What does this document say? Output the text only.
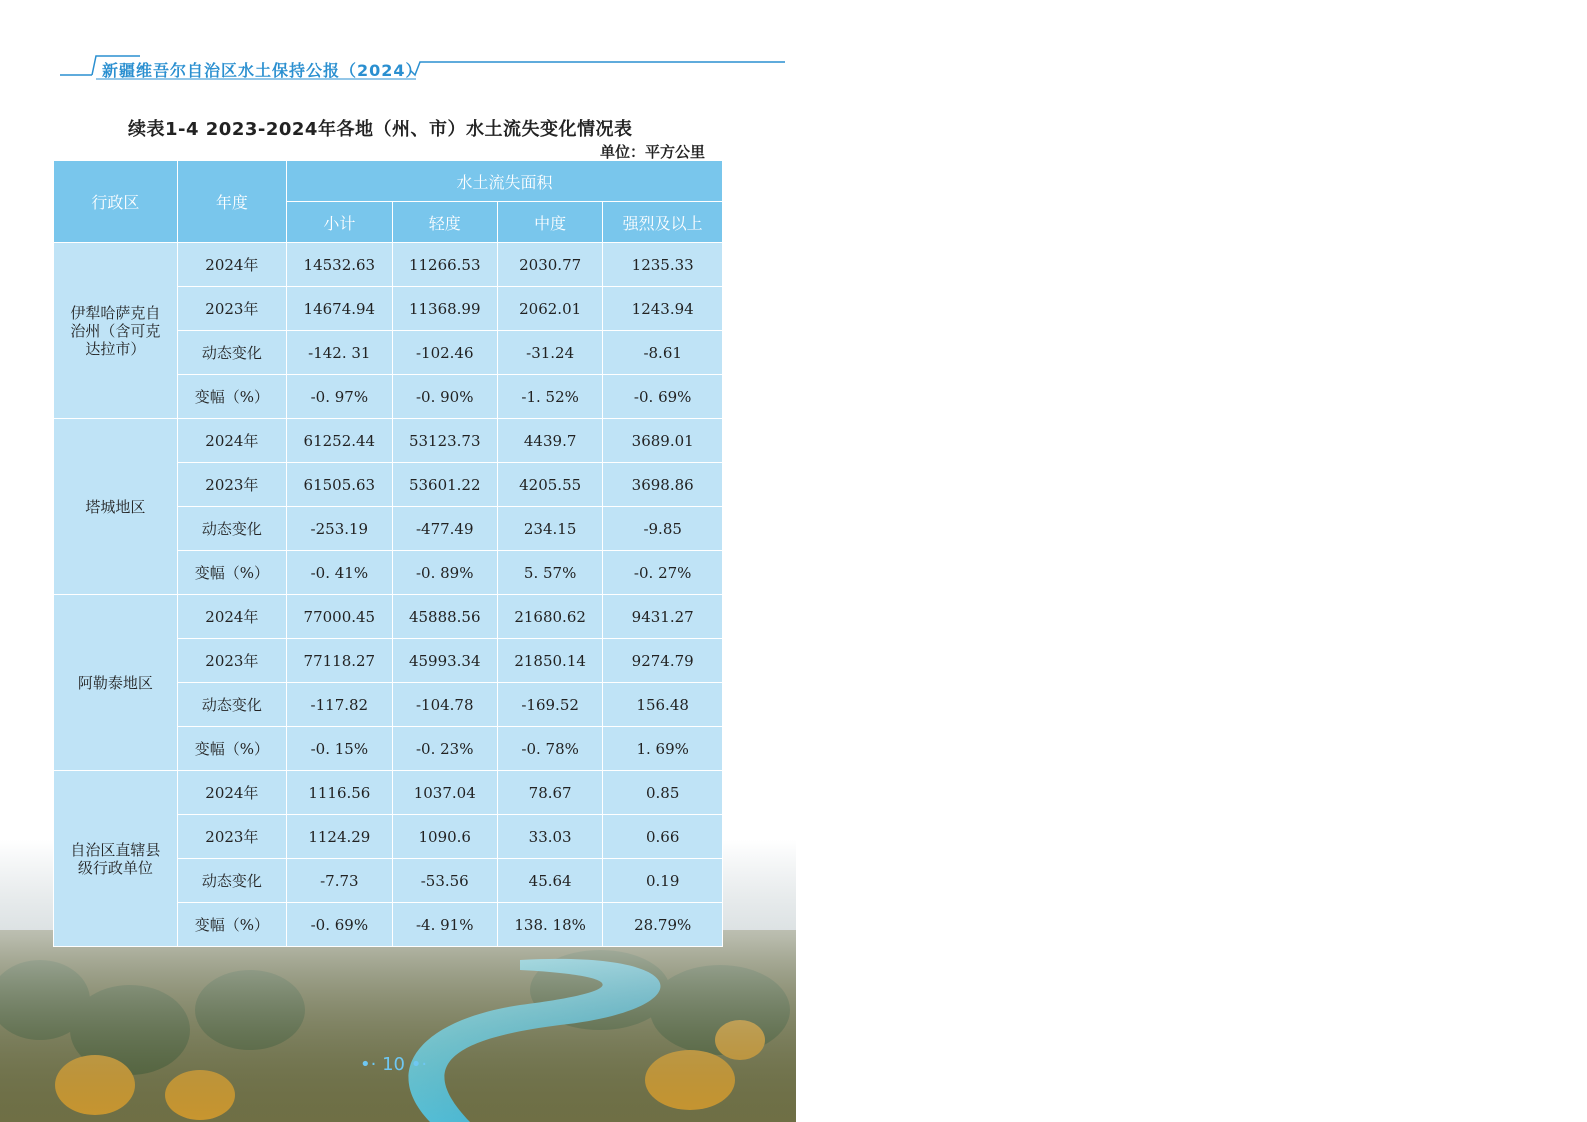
新疆维吾尔自治区水土保持公报（2024）
续表1-4 2023-2024年各地（州、市）水土流失变化情况表
单位：平方公里
行政区	年度	水土流失面积			
		小计	轻度	中度	强烈及以上
伊犁哈萨克自治州（含可克达拉市）	2024年	14532.63	11266.53	2030.77	1235.33
	2023年	14674.94	11368.99	2062.01	1243.94
	动态变化	-142. 31	-102.46	-31.24	-8.61
	变幅（%）	-0. 97%	-0. 90%	-1. 52%	-0. 69%
塔城地区	2024年	61252.44	53123.73	4439.7	3689.01
	2023年	61505.63	53601.22	4205.55	3698.86
	动态变化	-253.19	-477.49	234.15	-9.85
	变幅（%）	-0. 41%	-0. 89%	5. 57%	-0. 27%
阿勒泰地区	2024年	77000.45	45888.56	21680.62	9431.27
	2023年	77118.27	45993.34	21850.14	9274.79
	动态变化	-117.82	-104.78	-169.52	156.48
	变幅（%）	-0. 15%	-0. 23%	-0. 78%	1. 69%
自治区直辖县级行政单位	2024年	1116.56	1037.04	78.67	0.85
	2023年	1124.29	1090.6	33.03	0.66
	动态变化	-7.73	-53.56	45.64	0.19
	变幅（%）	-0. 69%	-4. 91%	138. 18%	28.79%
•· 10 •·
